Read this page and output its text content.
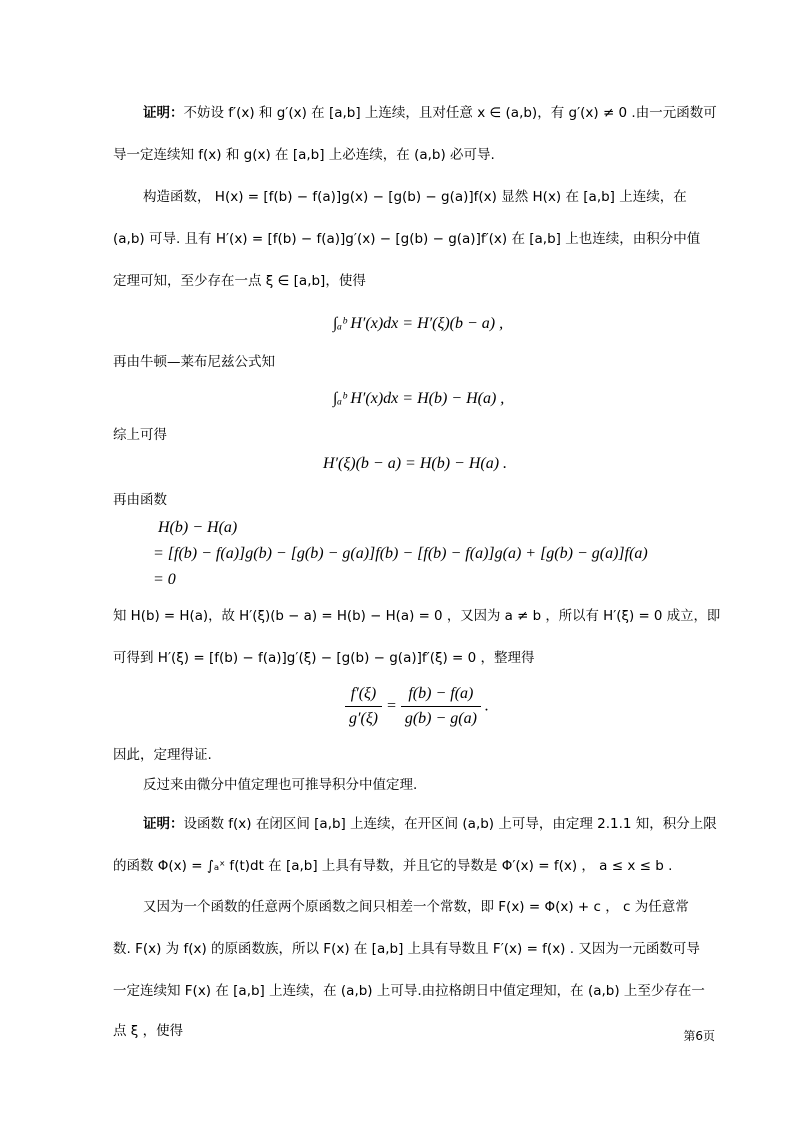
证明：不妨设 f′(x) 和 g′(x) 在 [a,b] 上连续，且对任意 x ∈ (a,b)，有 g′(x) ≠ 0 .由一元函数可
导一定连续知 f(x) 和 g(x) 在 [a,b] 上必连续，在 (a,b) 必可导.
构造函数， H(x) = [f(b) − f(a)]g(x) − [g(b) − g(a)]f(x) 显然 H(x) 在 [a,b] 上连续，在
(a,b) 可导. 且有 H′(x) = [f(b) − f(a)]g′(x) − [g(b) − g(a)]f′(x) 在 [a,b] 上也连续，由积分中值
定理可知，至少存在一点 ξ ∈ [a,b]，使得
∫ₐᵇ H′(x)dx = H′(ξ)(b − a) ,
再由牛顿—莱布尼兹公式知
∫ₐᵇ H′(x)dx = H(b) − H(a) ,
综上可得
H′(ξ)(b − a) = H(b) − H(a) .
再由函数
H(b) − H(a)
= [f(b) − f(a)]g(b) − [g(b) − g(a)]f(b) − [f(b) − f(a)]g(a) + [g(b) − g(a)]f(a)
= 0
知 H(b) = H(a)，故 H′(ξ)(b − a) = H(b) − H(a) = 0 ，又因为 a ≠ b ，所以有 H′(ξ) = 0 成立，即
可得到 H′(ξ) = [f(b) − f(a)]g′(ξ) − [g(b) − g(a)]f′(ξ) = 0 ，整理得
$\frac{f'(\xi)}{g'(\xi)} = \frac{f(b) - f(a)}{g(b) - g(a)}$ .
因此，定理得证.
反过来由微分中值定理也可推导积分中值定理.
证明：设函数 f(x) 在闭区间 [a,b] 上连续，在开区间 (a,b) 上可导，由定理 2.1.1 知，积分上限
的函数 Φ(x) = ∫ₐˣ f(t)dt 在 [a,b] 上具有导数，并且它的导数是 Φ′(x) = f(x) ， a ≤ x ≤ b .
又因为一个函数的任意两个原函数之间只相差一个常数，即 F(x) = Φ(x) + c ， c 为任意常
数. F(x) 为 f(x) 的原函数族，所以 F(x) 在 [a,b] 上具有导数且 F′(x) = f(x) . 又因为一元函数可导
一定连续知 F(x) 在 [a,b] 上连续，在 (a,b) 上可导.由拉格朗日中值定理知，在 (a,b) 上至少存在一
点 ξ ，使得	第6页
